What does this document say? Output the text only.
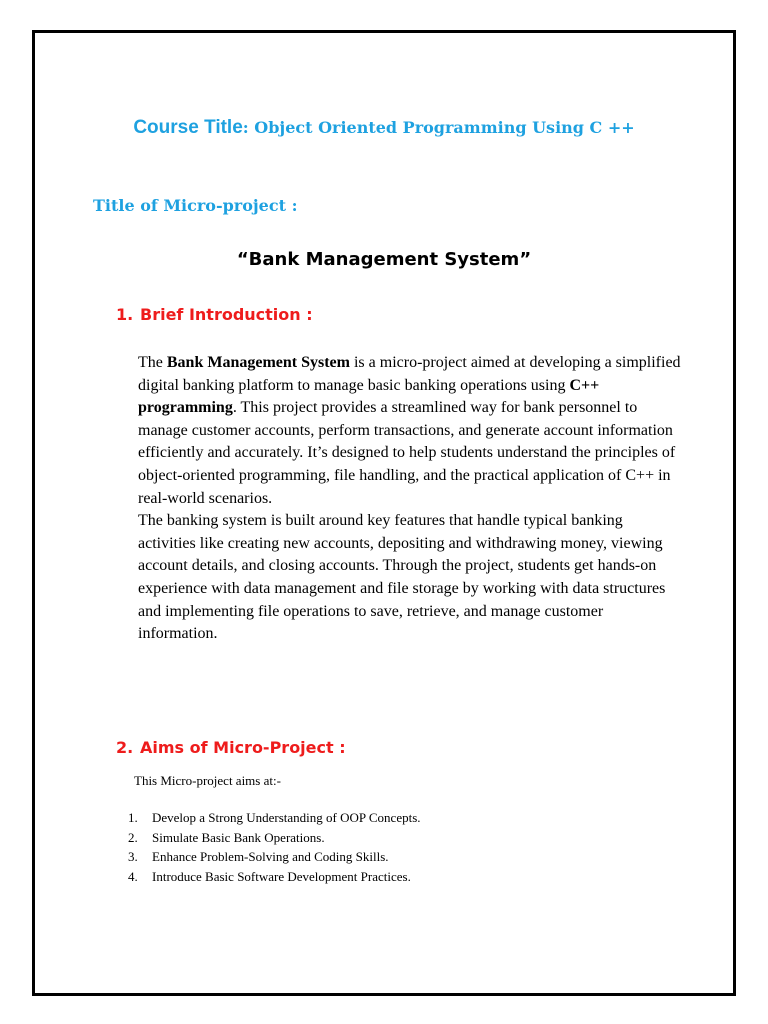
Course Title: Object Oriented Programming Using C ++
Title of Micro-project :
“Bank Management System”
1. Brief Introduction :

The Bank Management System is a micro-project aimed at developing a simplified digital banking platform to manage basic banking operations using C++ programming. This project provides a streamlined way for bank personnel to manage customer accounts, perform transactions, and generate account information efficiently and accurately. It’s designed to help students understand the principles of object-oriented programming, file handling, and the practical application of C++ in real-world scenarios.

The banking system is built around key features that handle typical banking activities like creating new accounts, depositing and withdrawing money, viewing account details, and closing accounts. Through the project, students get hands-on experience with data management and file storage by working with data structures and implementing file operations to save, retrieve, and manage customer information.

2. Aims of Micro-Project :
This Micro-project aims at:-
1. Develop a Strong Understanding of OOP Concepts.
2. Simulate Basic Bank Operations.
3. Enhance Problem-Solving and Coding Skills.
4. Introduce Basic Software Development Practices.
